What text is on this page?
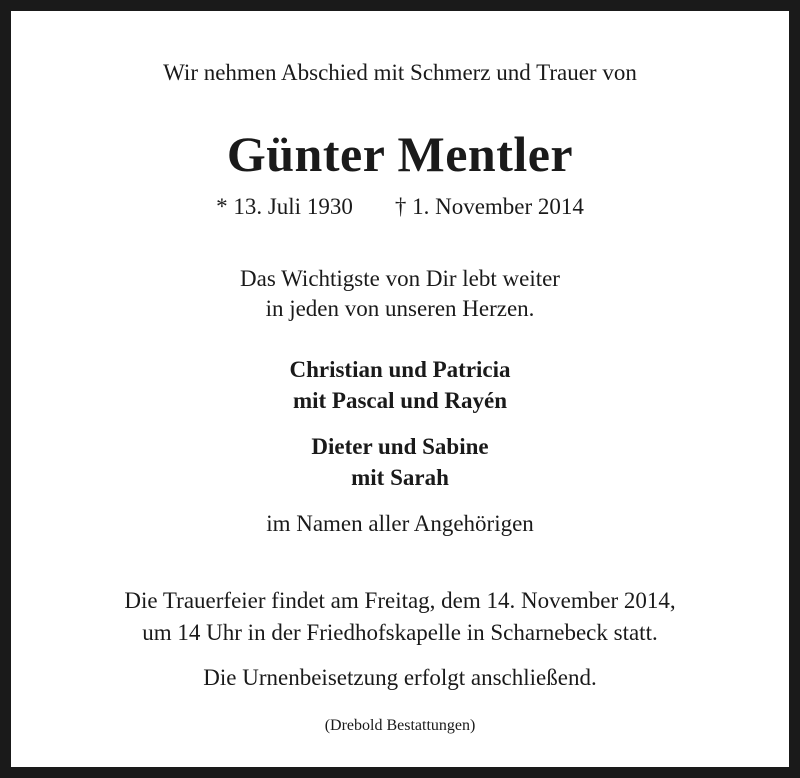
Wir nehmen Abschied mit Schmerz und Trauer von
Günter Mentler
* 13. Juli 1930 † 1. November 2014
Das Wichtigste von Dir lebt weiter
in jeden von unseren Herzen.
Christian und Patricia
mit Pascal und Rayén
Dieter und Sabine
mit Sarah
im Namen aller Angehörigen
Die Trauerfeier findet am Freitag, dem 14. November 2014,
um 14 Uhr in der Friedhofskapelle in Scharnebeck statt.
Die Urnenbeisetzung erfolgt anschließend.
(Drebold Bestattungen)
